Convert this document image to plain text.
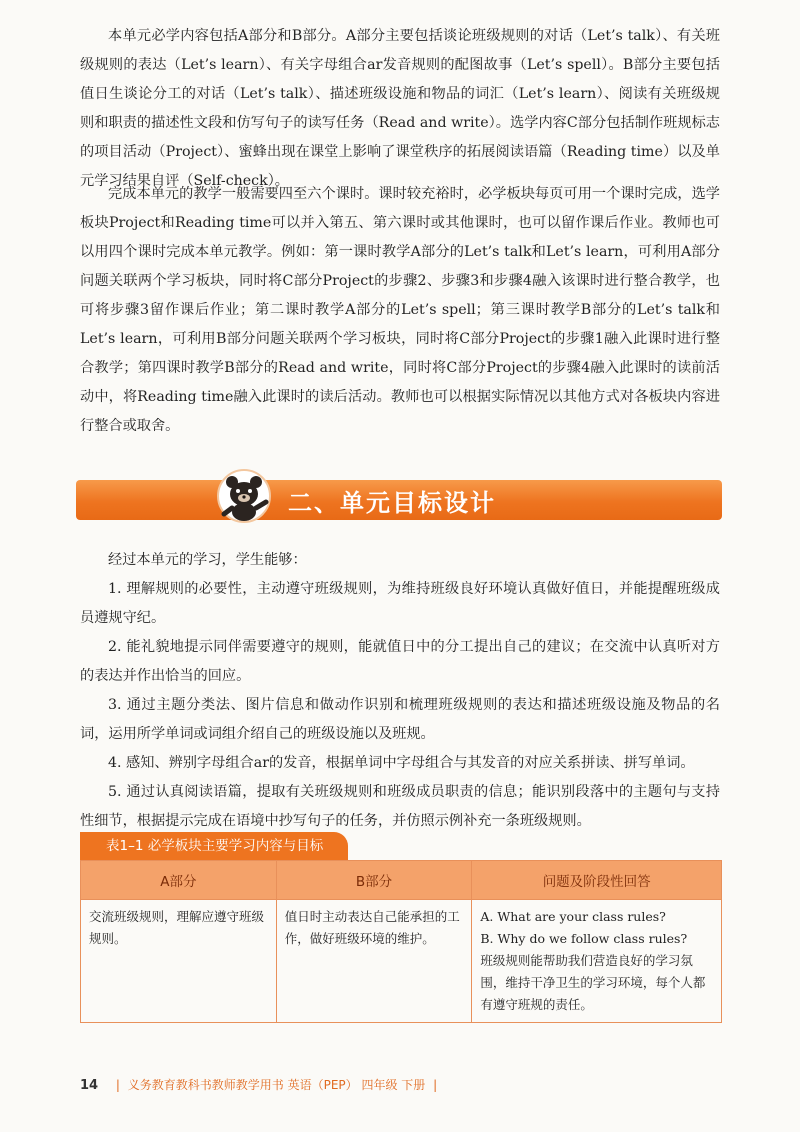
本单元必学内容包括A部分和B部分。A部分主要包括谈论班级规则的对话（Let’s talk）、有关班级规则的表达（Let’s learn）、有关字母组合ar发音规则的配图故事（Let’s spell）。B部分主要包括值日生谈论分工的对话（Let’s talk）、描述班级设施和物品的词汇（Let’s learn）、阅读有关班级规则和职责的描述性文段和仿写句子的读写任务（Read and write）。选学内容C部分包括制作班规标志的项目活动（Project）、蜜蜂出现在课堂上影响了课堂秩序的拓展阅读语篇（Reading time）以及单元学习结果自评（Self-check）。

完成本单元的教学一般需要四至六个课时。课时较充裕时，必学板块每页可用一个课时完成，选学板块Project和Reading time可以并入第五、第六课时或其他课时，也可以留作课后作业。教师也可以用四个课时完成本单元教学。例如：第一课时教学A部分的Let’s talk和Let’s learn，可利用A部分问题关联两个学习板块，同时将C部分Project的步骤2、步骤3和步骤4融入该课时进行整合教学，也可将步骤3留作课后作业；第二课时教学A部分的Let’s spell；第三课时教学B部分的Let’s talk和Let’s learn，可利用B部分问题关联两个学习板块，同时将C部分Project的步骤1融入此课时进行整合教学；第四课时教学B部分的Read and write，同时将C部分Project的步骤4融入此课时的读前活动中，将Reading time融入此课时的读后活动。教师也可以根据实际情况以其他方式对各板块内容进行整合或取舍。

二、单元目标设计

经过本单元的学习，学生能够：

1. 理解规则的必要性，主动遵守班级规则，为维持班级良好环境认真做好值日，并能提醒班级成员遵规守纪。

2. 能礼貌地提示同伴需要遵守的规则，能就值日中的分工提出自己的建议；在交流中认真听对方的表达并作出恰当的回应。

3. 通过主题分类法、图片信息和做动作识别和梳理班级规则的表达和描述班级设施及物品的名词，运用所学单词或词组介绍自己的班级设施以及班规。

4. 感知、辨别字母组合ar的发音，根据单词中字母组合与其发音的对应关系拼读、拼写单词。

5. 通过认真阅读语篇，提取有关班级规则和班级成员职责的信息；能识别段落中的主题句与支持性细节，根据提示完成在语境中抄写句子的任务，并仿照示例补充一条班级规则。

表1–1 必学板块主要学习内容与目标
A部分	B部分	问题及阶段性回答
交流班级规则，理解应遵守班级规则。	值日时主动表达自己能承担的工作，做好班级环境的维护。	A. What are your class rules?
B. Why do we follow class rules?
班级规则能帮助我们营造良好的学习氛围，维持干净卫生的学习环境，每个人都有遵守班规的责任。
14 | 义务教育教科书教师教学用书 英语（PEP） 四年级 下册 |
